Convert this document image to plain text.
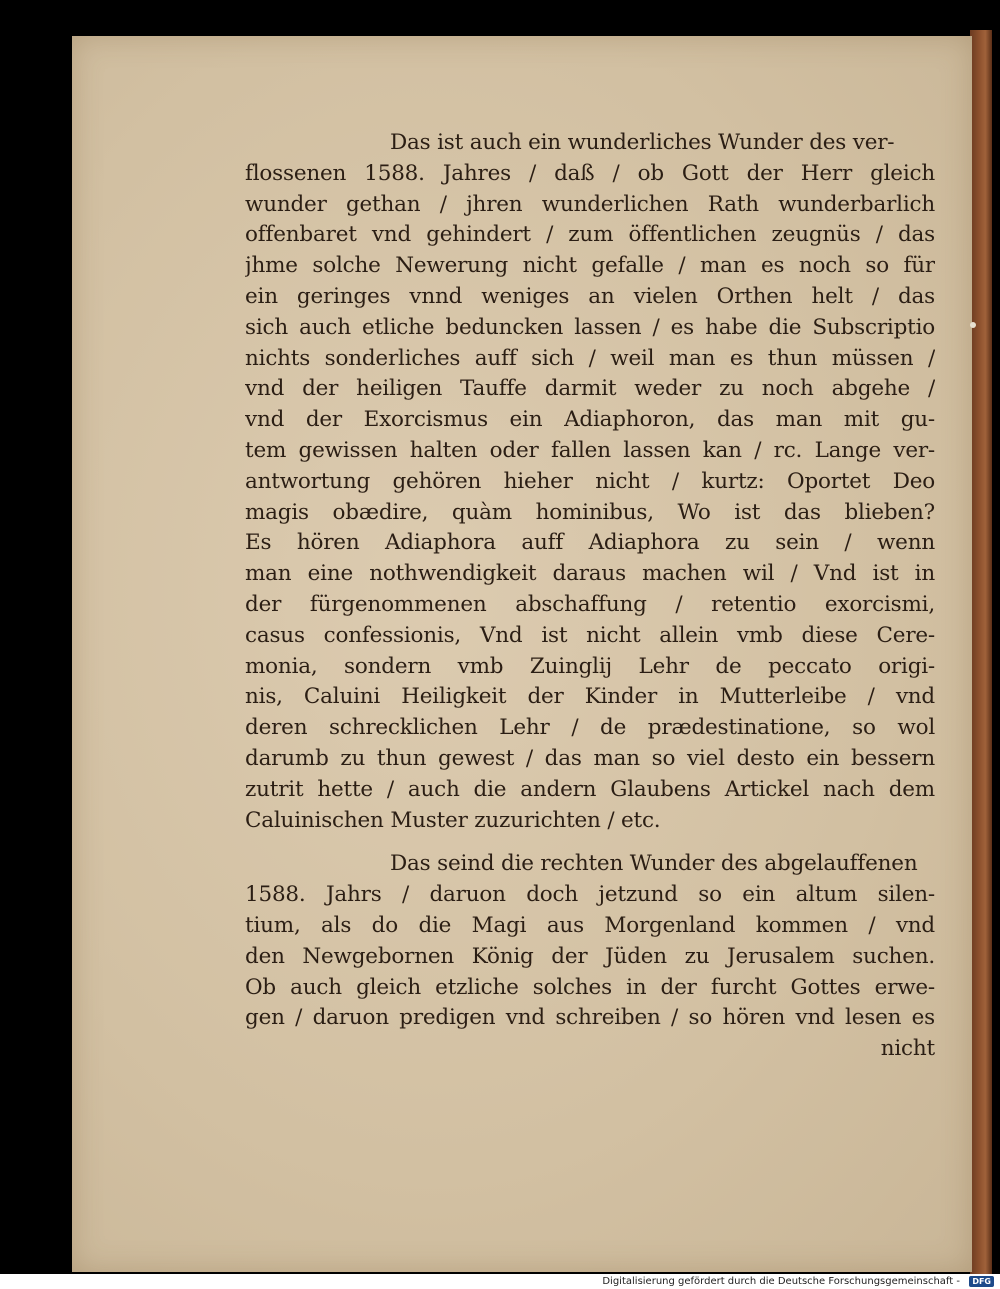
Das ist auch ein wunderliches Wunder des ver-
flossenen 1588. Jahres / daß / ob Gott der Herr gleich
wunder gethan / jhren wunderlichen Rath wunderbarlich
offenbaret vnd gehindert / zum öffentlichen zeugnüs / das
jhme solche Newerung nicht gefalle / man es noch so für
ein geringes vnnd weniges an vielen Orthen helt / das
sich auch etliche beduncken lassen / es habe die Subscriptio
nichts sonderliches auff sich / weil man es thun müssen /
vnd der heiligen Tauffe darmit weder zu noch abgehe /
vnd der Exorcismus ein Adiaphoron, das man mit gu-
tem gewissen halten oder fallen lassen kan / rc. Lange ver-
antwortung gehören hieher nicht / kurtz: Oportet Deo
magis obædire, quàm hominibus, Wo ist das blieben?
Es hören Adiaphora auff Adiaphora zu sein / wenn
man eine nothwendigkeit daraus machen wil / Vnd ist in
der fürgenommenen abschaffung / retentio exorcismi,
casus confessionis, Vnd ist nicht allein vmb diese Cere-
monia, sondern vmb Zuinglij Lehr de peccato origi-
nis, Caluini Heiligkeit der Kinder in Mutterleibe / vnd
deren schrecklichen Lehr / de prædestinatione, so wol
darumb zu thun gewest / das man so viel desto ein bessern
zutrit hette / auch die andern Glaubens Artickel nach dem
Caluinischen Muster zuzurichten / etc.
Das seind die rechten Wunder des abgelauffenen
1588. Jahrs / daruon doch jetzund so ein altum silen-
tium, als do die Magi aus Morgenland kommen / vnd
den Newgebornen König der Jüden zu Jerusalem suchen.
Ob auch gleich etzliche solches in der furcht Gottes erwe-
gen / daruon predigen vnd schreiben / so hören vnd lesen es
nicht
Digitalisierung gefördert durch die Deutsche Forschungsgemeinschaft -	DFG
